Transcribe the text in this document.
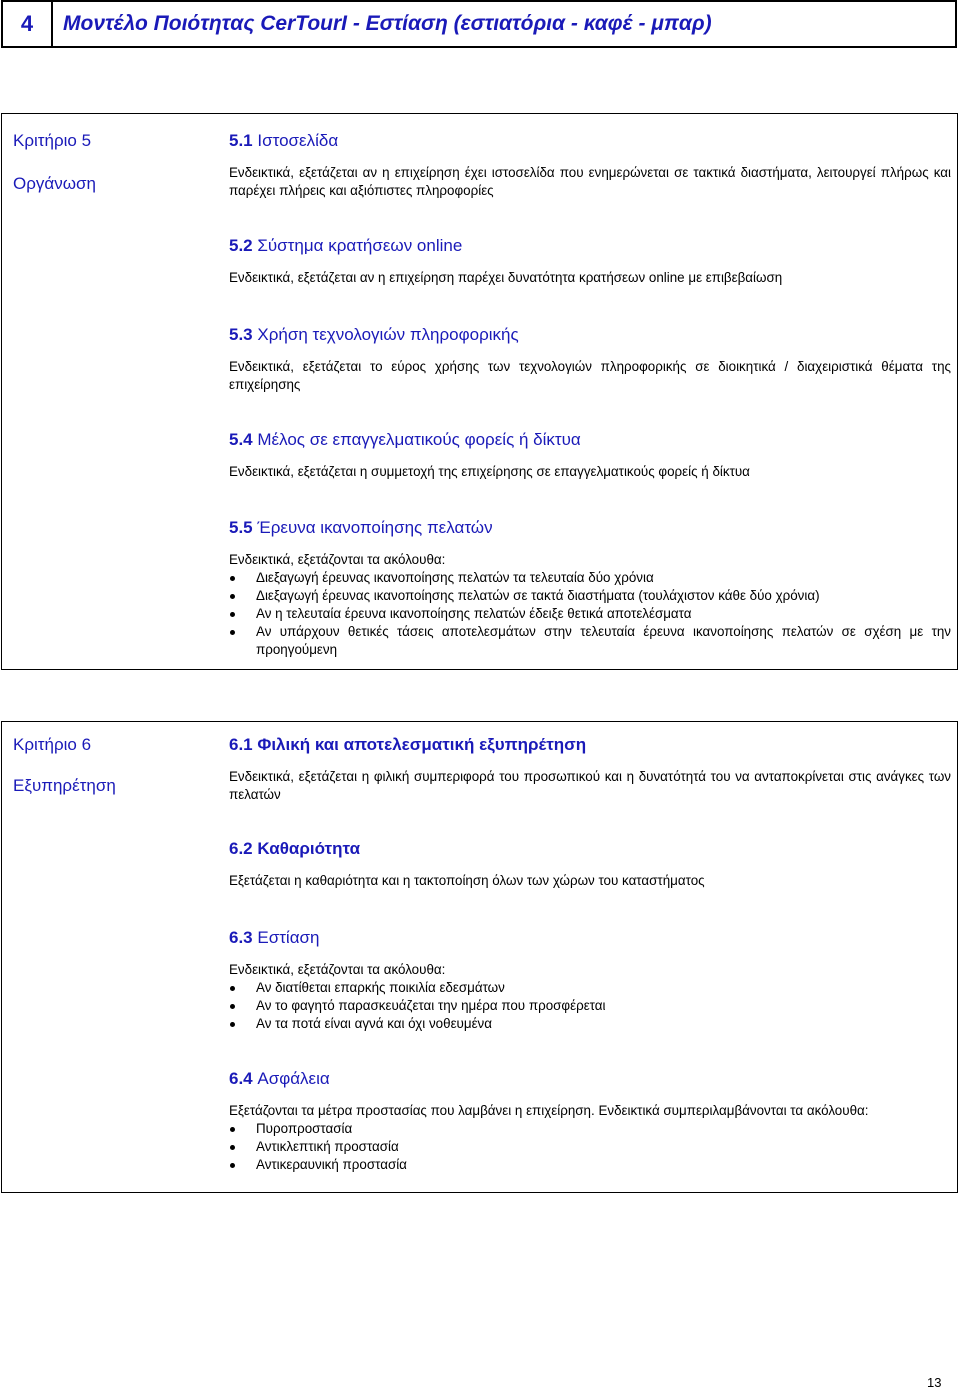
4	Μοντέλο Ποιότητας CerTourI - Εστίαση (εστιατόρια - καφέ - μπαρ)
Κριτήριο 5
Οργάνωση

5.1 Ιστοσελίδα

Ενδεικτικά, εξετάζεται αν η επιχείρηση έχει ιστοσελίδα που ενημερώνεται σε τακτικά διαστήματα, λειτουργεί πλήρως και παρέχει πλήρεις και αξιόπιστες πληροφορίες

5.2 Σύστημα κρατήσεων online

Ενδεικτικά, εξετάζεται αν η επιχείρηση παρέχει δυνατότητα κρατήσεων online με επιβεβαίωση

5.3 Χρήση τεχνολογιών πληροφορικής

Ενδεικτικά, εξετάζεται το εύρος χρήσης των τεχνολογιών πληροφορικής σε διοικητικά / διαχειριστικά θέματα της επιχείρησης

5.4 Μέλος σε επαγγελματικούς φορείς ή δίκτυα

Ενδεικτικά, εξετάζεται η συμμετοχή της επιχείρησης σε επαγγελματικούς φορείς ή δίκτυα

5.5 Έρευνα ικανοποίησης πελατών

Ενδεικτικά, εξετάζονται τα ακόλουθα:

Διεξαγωγή έρευνας ικανοποίησης πελατών τα τελευταία δύο χρόνια
Διεξαγωγή έρευνας ικανοποίησης πελατών σε τακτά διαστήματα (τουλάχιστον κάθε δύο χρόνια)
Αν η τελευταία έρευνα ικανοποίησης πελατών έδειξε θετικά αποτελέσματα
Αν υπάρχουν θετικές τάσεις αποτελεσμάτων στην τελευταία έρευνα ικανοποίησης πελατών σε σχέση με την προηγούμενη
Κριτήριο 6
Εξυπηρέτηση

6.1 Φιλική και αποτελεσματική εξυπηρέτηση

Ενδεικτικά, εξετάζεται η φιλική συμπεριφορά του προσωπικού και η δυνατότητά του να ανταποκρίνεται στις ανάγκες των πελατών

6.2 Καθαριότητα

Εξετάζεται η καθαριότητα και η τακτοποίηση όλων των χώρων του καταστήματος

6.3 Εστίαση

Ενδεικτικά, εξετάζονται τα ακόλουθα:

Αν διατίθεται επαρκής ποικιλία εδεσμάτων
Αν το φαγητό παρασκευάζεται την ημέρα που προσφέρεται
Αν τα ποτά είναι αγνά και όχι νοθευμένα

6.4 Ασφάλεια

Εξετάζονται τα μέτρα προστασίας που λαμβάνει η επιχείρηση. Ενδεικτικά συμπεριλαμβάνονται τα ακόλουθα:

Πυροπροστασία
Αντικλεπτική προστασία
Αντικεραυνική προστασία
13
